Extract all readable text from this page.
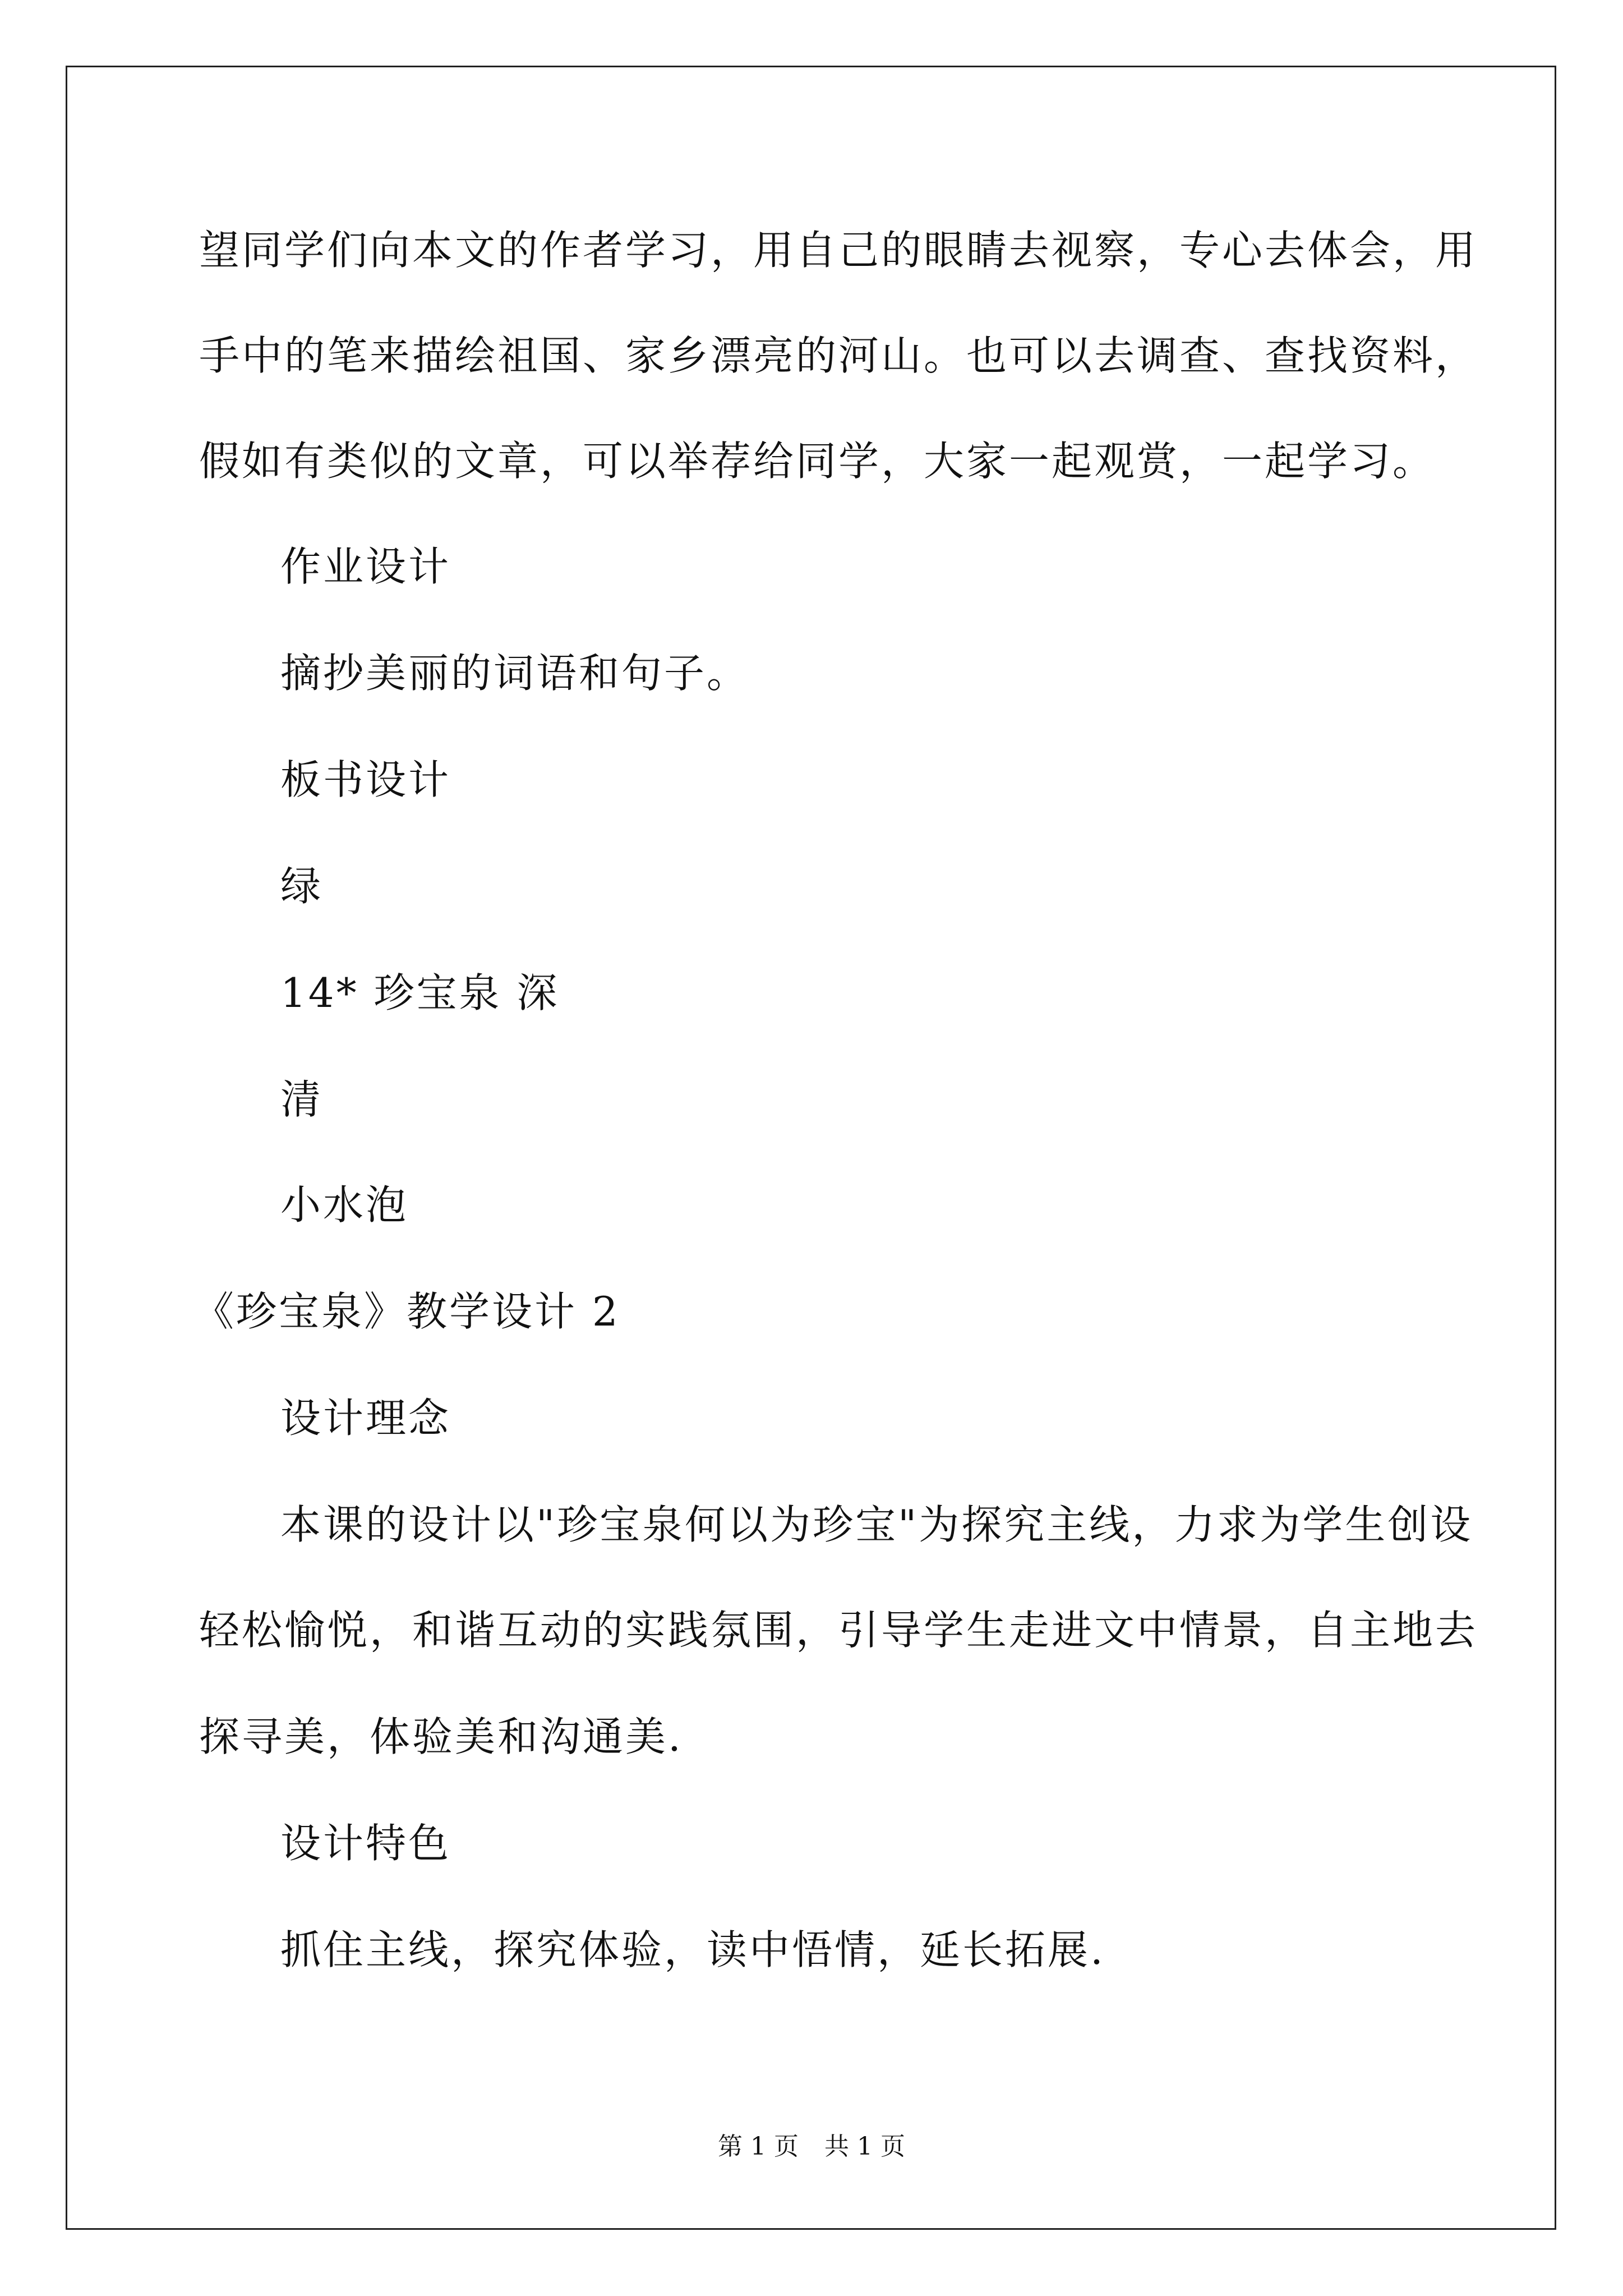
望同学们向本文的作者学习，用自己的眼睛去视察，专心去体会，用
手中的笔来描绘祖国、家乡漂亮的河山。也可以去调查、查找资料，
假如有类似的文章，可以举荐给同学，大家一起观赏，一起学习。
作业设计
摘抄美丽的词语和句子。
板书设计
绿
14* 珍宝泉 深
清
小水泡
《珍宝泉》教学设计 2
设计理念
本课的设计以"珍宝泉何以为珍宝"为探究主线，力求为学生创设
轻松愉悦，和谐互动的实践氛围，引导学生走进文中情景，自主地去
探寻美，体验美和沟通美.
设计特色
抓住主线，探究体验，读中悟情，延长拓展.
第 1 页 共 1 页
